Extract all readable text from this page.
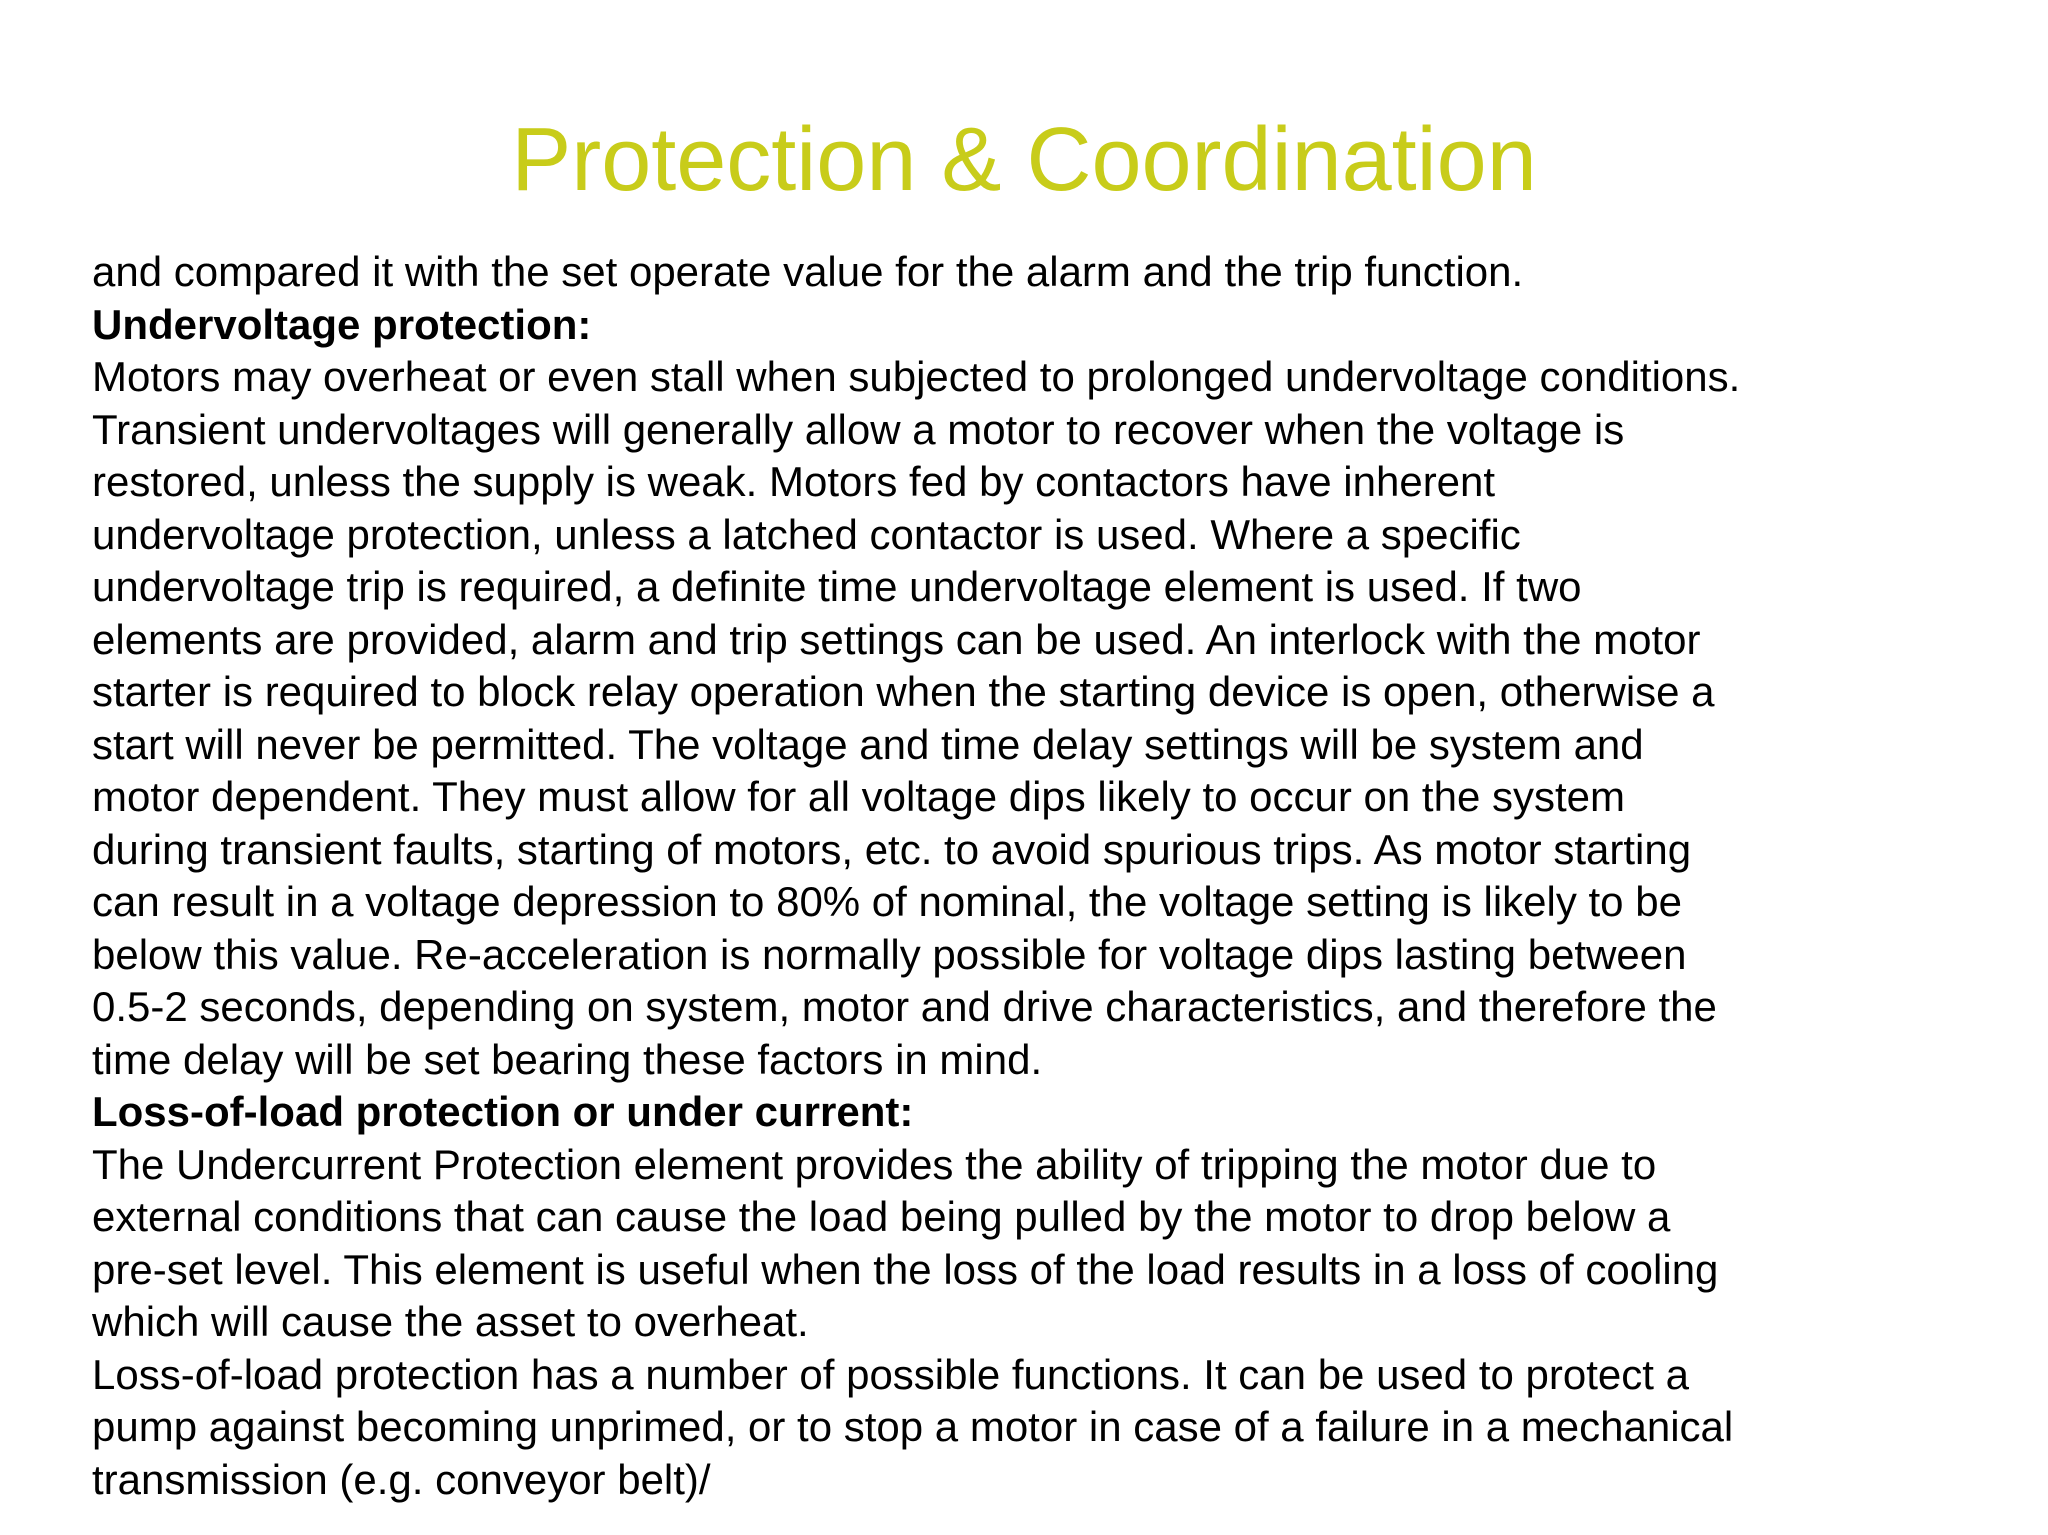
Protection & Coordination
and compared it with the set operate value for the alarm and the trip function.
Undervoltage protection:
Motors may overheat or even stall when subjected to prolonged undervoltage conditions.
Transient undervoltages will generally allow a motor to recover when the voltage is
restored, unless the supply is weak. Motors fed by contactors have inherent
undervoltage protection, unless a latched contactor is used. Where a specific
undervoltage trip is required, a definite time undervoltage element is used. If two
elements are provided, alarm and trip settings can be used. An interlock with the motor
starter is required to block relay operation when the starting device is open, otherwise a
start will never be permitted. The voltage and time delay settings will be system and
motor dependent. They must allow for all voltage dips likely to occur on the system
during transient faults, starting of motors, etc. to avoid spurious trips. As motor starting
can result in a voltage depression to 80% of nominal, the voltage setting is likely to be
below this value. Re-acceleration is normally possible for voltage dips lasting between
0.5-2 seconds, depending on system, motor and drive characteristics, and therefore the
time delay will be set bearing these factors in mind.
Loss-of-load protection or under current:
The Undercurrent Protection element provides the ability of tripping the motor due to
external conditions that can cause the load being pulled by the motor to drop below a
pre-set level. This element is useful when the loss of the load results in a loss of cooling
which will cause the asset to overheat.
Loss-of-load protection has a number of possible functions. It can be used to protect a
pump against becoming unprimed, or to stop a motor in case of a failure in a mechanical
transmission (e.g. conveyor belt)/
